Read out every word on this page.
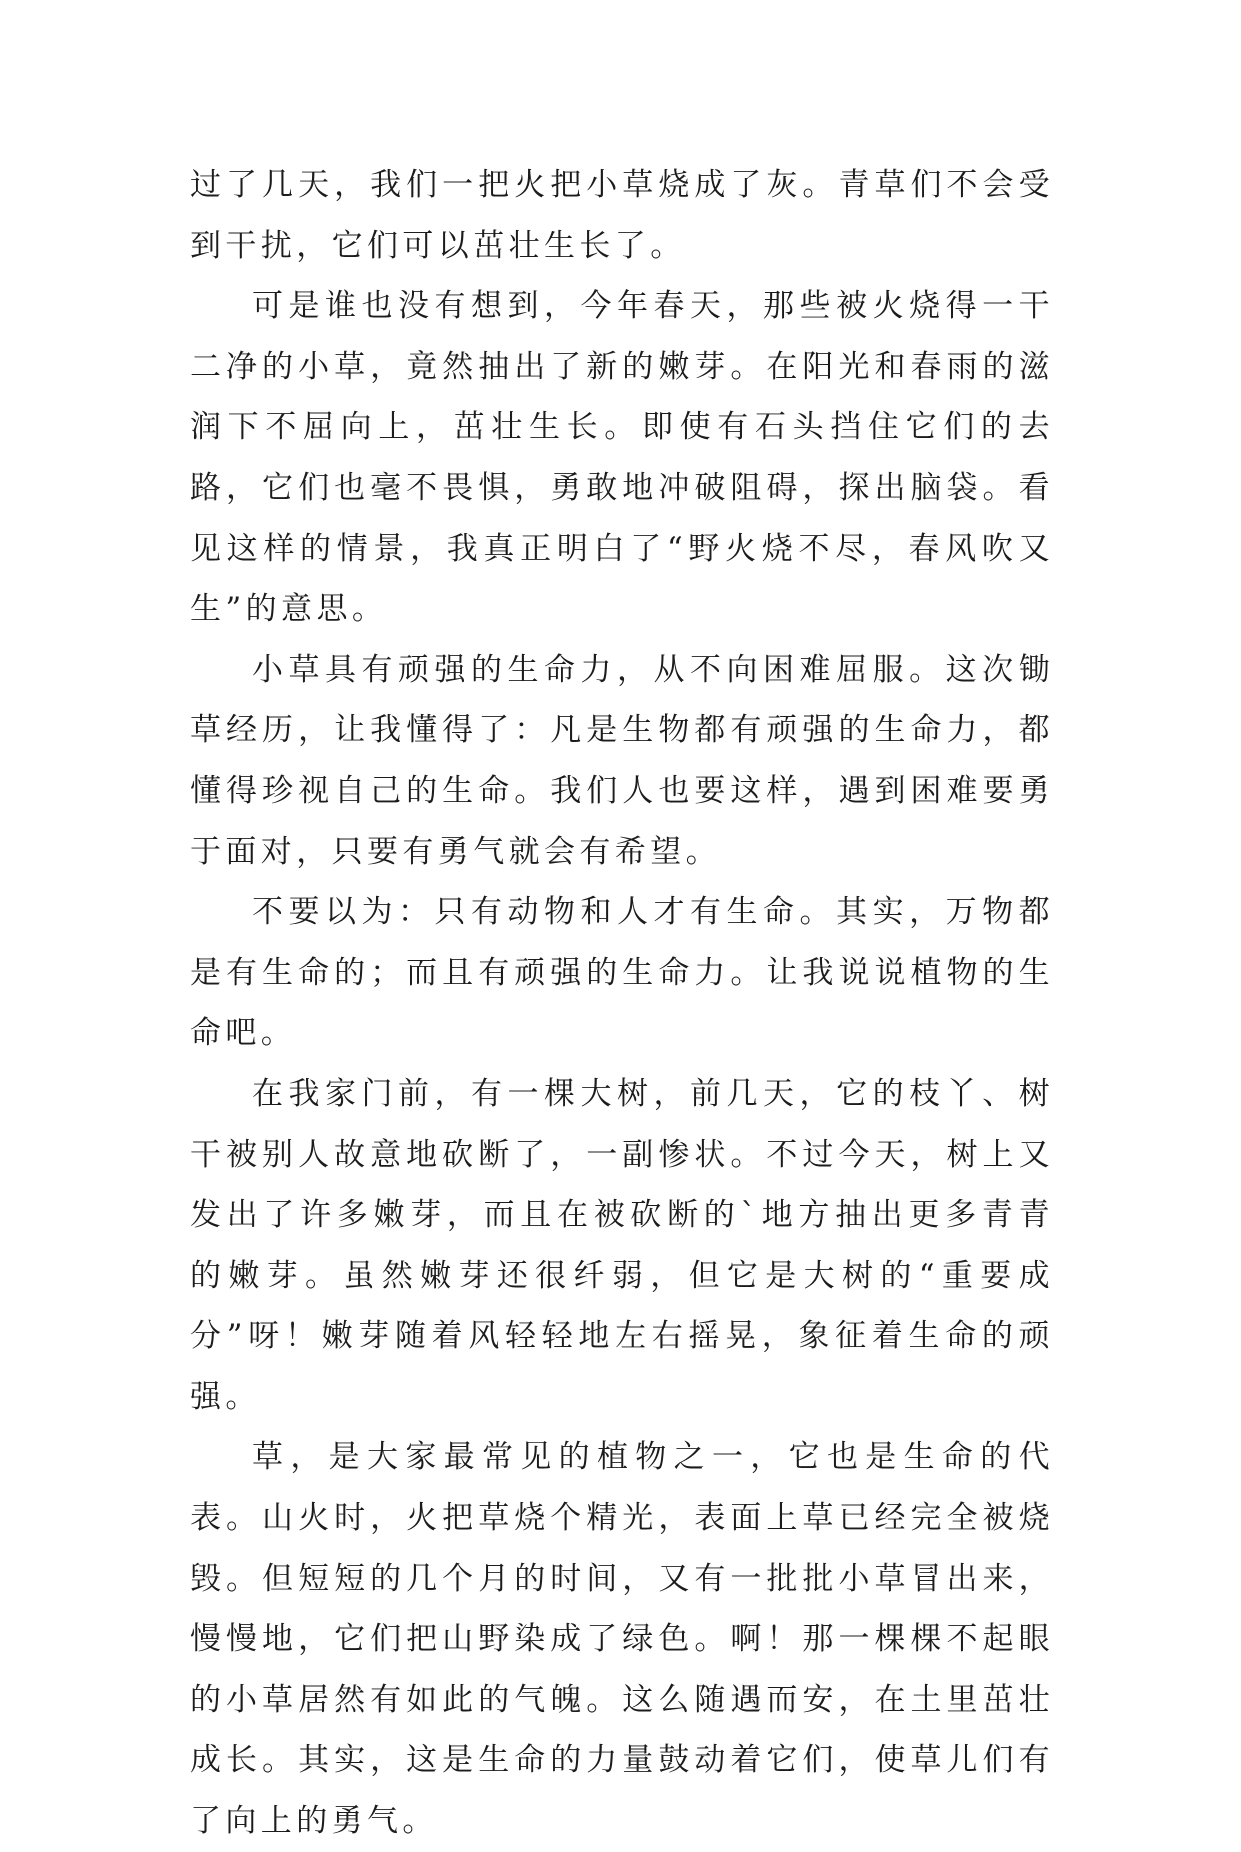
过了几天，我们一把火把小草烧成了灰。青草们不会受到干扰，它们可以茁壮生长了。

可是谁也没有想到，今年春天，那些被火烧得一干二净的小草，竟然抽出了新的嫩芽。在阳光和春雨的滋润下不屈向上，茁壮生长。即使有石头挡住它们的去路，它们也毫不畏惧，勇敢地冲破阻碍，探出脑袋。看见这样的情景，我真正明白了“野火烧不尽，春风吹又生”的意思。

小草具有顽强的生命力，从不向困难屈服。这次锄草经历，让我懂得了：凡是生物都有顽强的生命力，都懂得珍视自己的生命。我们人也要这样，遇到困难要勇于面对，只要有勇气就会有希望。

不要以为：只有动物和人才有生命。其实，万物都是有生命的；而且有顽强的生命力。让我说说植物的生命吧。

在我家门前，有一棵大树，前几天，它的枝丫、树干被别人故意地砍断了，一副惨状。不过今天，树上又发出了许多嫩芽，而且在被砍断的`地方抽出更多青青的嫩芽。虽然嫩芽还很纤弱，但它是大树的“重要成分”呀！嫩芽随着风轻轻地左右摇晃，象征着生命的顽强。

草，是大家最常见的植物之一，它也是生命的代表。山火时，火把草烧个精光，表面上草已经完全被烧毁。但短短的几个月的时间，又有一批批小草冒出来，慢慢地，它们把山野染成了绿色。啊！那一棵棵不起眼的小草居然有如此的气魄。这么随遇而安，在土里茁壮成长。其实，这是生命的力量鼓动着它们，使草儿们有了向上的勇气。
